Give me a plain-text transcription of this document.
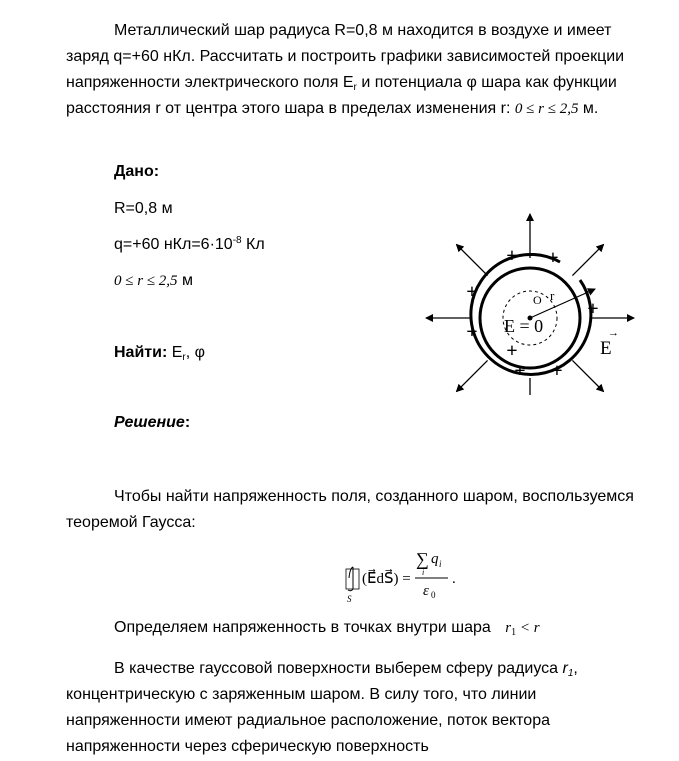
Металлический шар радиуса R=0,8 м находится в воздухе и имеет
заряд q=+60 нКл. Рассчитать и построить графики зависимостей проекции
напряженности электрического поля $E_r$ и потенциала φ шара как функции
расстояния r от центра этого шара в пределах изменения r: 0 ≤ r ≤ 2,5 м.
Дано:
R=0,8 м
q=+60 $нКл=6\cdot 10^{-8}$ Кл
0 ≤ r ≤ 2,5 м
Найти: $E_r$, φ
Решение:
+ +
+
+
+
+ +
+
O r
E = 0	→
E
Чтобы найти напряженность поля, созданного шаром, воспользуемся
теоремой Гаусса:
S
(E⃗dS⃗) =
∑ q i
i
ε 0
.
Определяем напряженность в точках внутри шара $r_1 < r$
В качестве гауссовой поверхности выберем сферу радиуса $r_1$,
концентрическую с заряженным шаром. В силу того, что линии
напряженности имеют радиальное расположение, поток вектора
напряженности через сферическую поверхность
